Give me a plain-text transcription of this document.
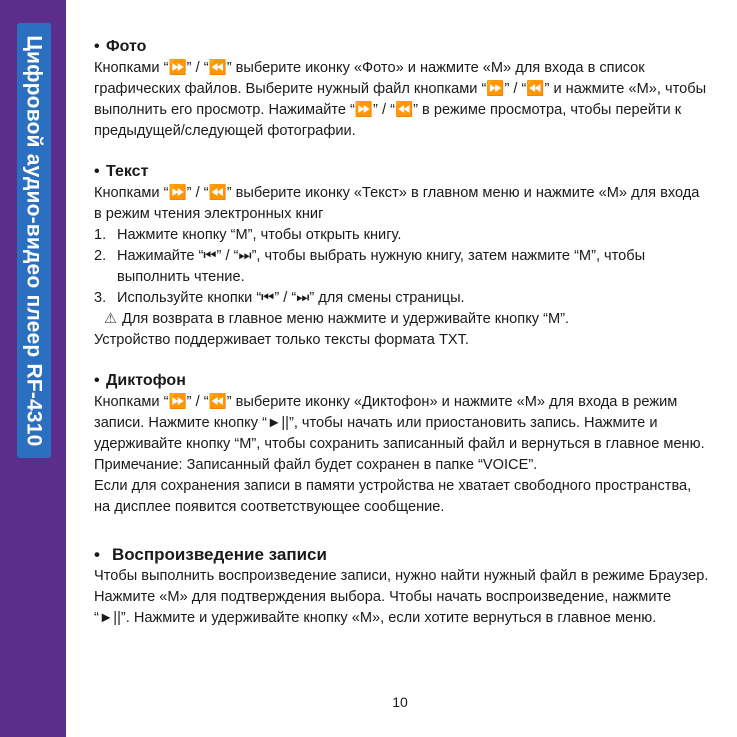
Цифровой аудио-видео плеер RF-4310	• Фото

Кнопками “⏩” / “⏪” выберите иконку «Фото» и нажмите «М» для входа в список графических файлов. Выберите нужный файл кнопками “⏩” / “⏪” и нажмите «М», чтобы выполнить его просмотр. Нажимайте “⏩” / “⏪” в режиме просмотра, чтобы перейти к предыдущей/следующей фотографии.

• Текст

Кнопками “⏩” / “⏪” выберите иконку «Текст» в главном меню и нажмите «М» для входа в режим чтения электронных книг

1. Нажмите кнопку “M”, чтобы открыть книгу.
2. Нажимайте “⏮” / “⏭”, чтобы выбрать нужную книгу, затем нажмите “M”, чтобы выполнить чтение.
3. Используйте кнопки “⏮” / “⏭” для смены страницы.

⚠ Для возврата в главное меню нажмите и удерживайте кнопку “M”.

Устройство поддерживает только тексты формата TXT.

• Диктофон

Кнопками “⏩” / “⏪” выберите иконку «Диктофон» и нажмите «М» для входа в режим записи. Нажмите кнопку “►||”, чтобы начать или приостановить запись. Нажмите и удерживайте кнопку “M”, чтобы сохранить записанный файл и вернуться в главное меню.

Примечание: Записанный файл будет сохранен в папке “VOICE”.

Если для сохранения записи в памяти устройства не хватает свободного пространства, на дисплее появится соответствующее сообщение.

• Воспроизведение записи

Чтобы выполнить воспроизведение записи, нужно найти нужный файл в режиме Браузер.

Нажмите «М» для подтверждения выбора. Чтобы начать воспроизведение, нажмите “►||”. Нажмите и удерживайте кнопку «М», если хотите вернуться в главное меню.

10
